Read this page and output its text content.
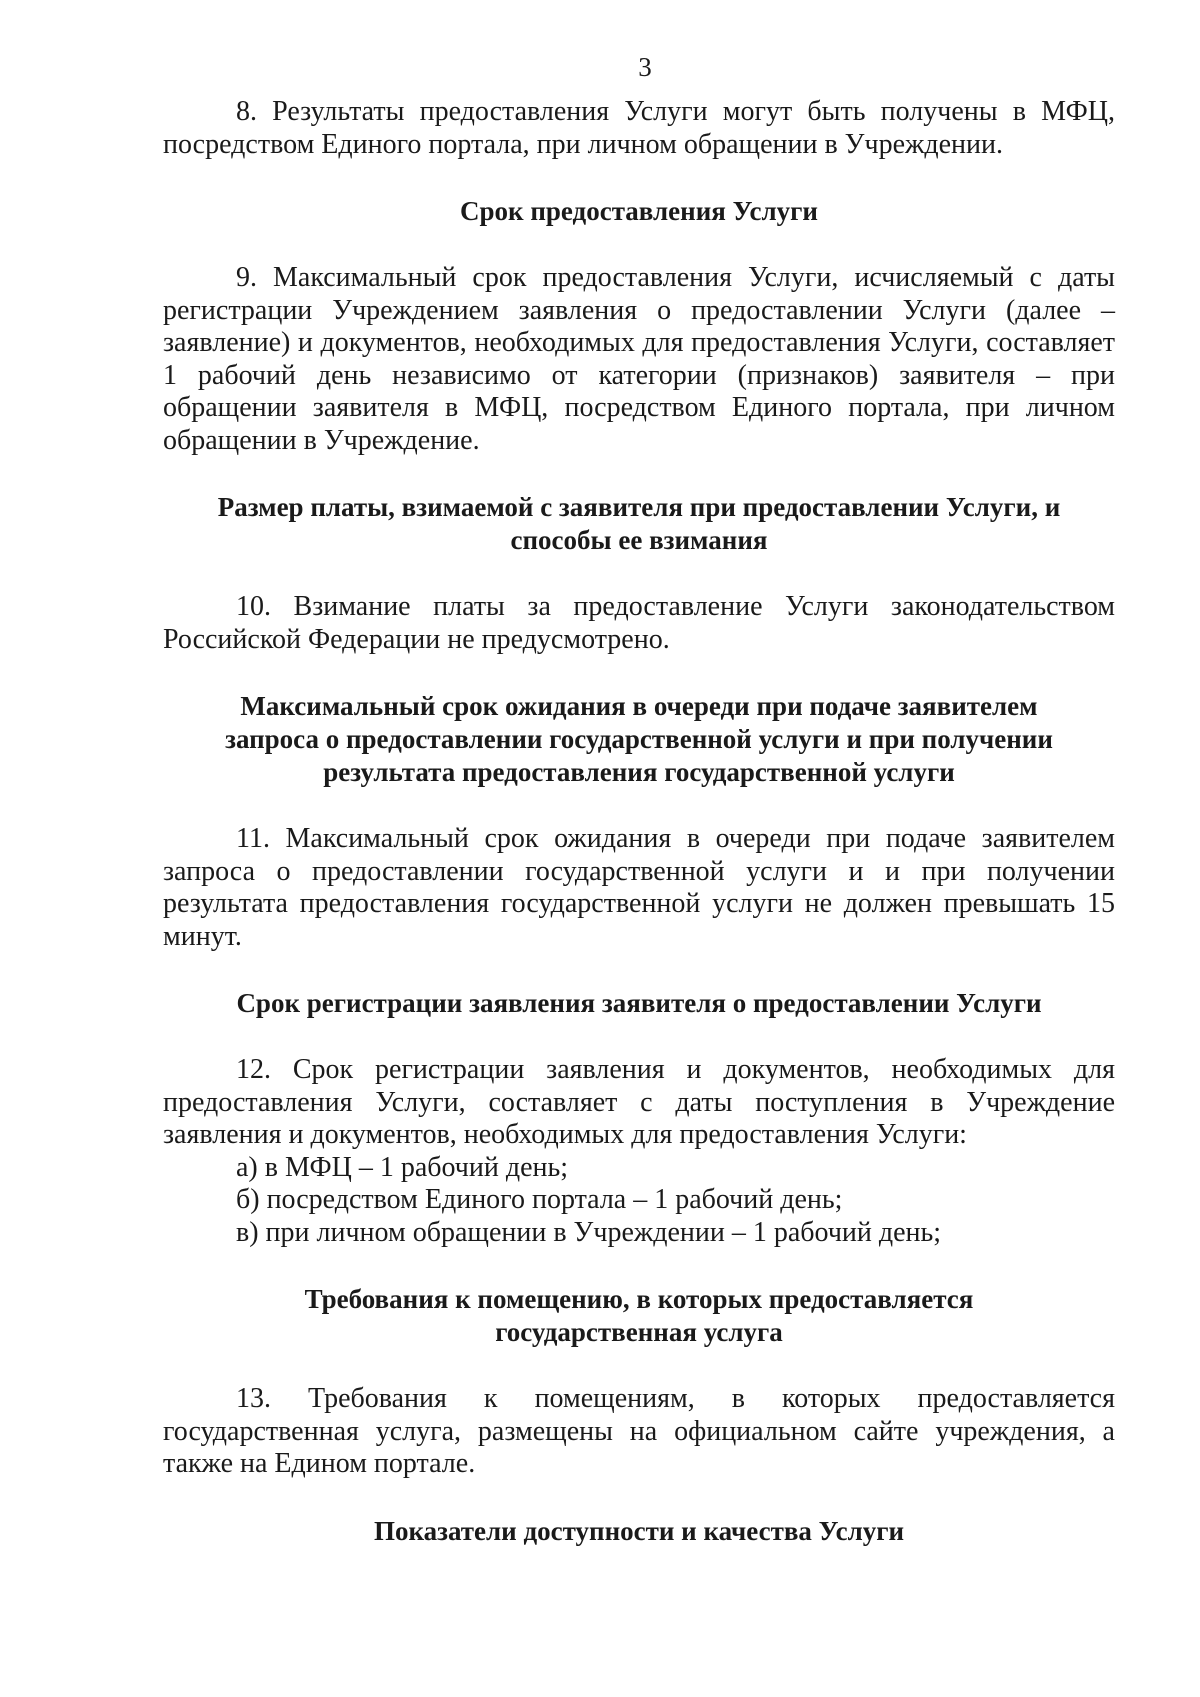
3

8. Результаты предоставления Услуги могут быть получены в МФЦ, посредством Единого портала, при личном обращении в Учреждении.

Срок предоставления Услуги

9. Максимальный срок предоставления Услуги, исчисляемый с даты регистрации Учреждением заявления о предоставлении Услуги (далее – заявление) и документов, необходимых для предоставления Услуги, составляет 1 рабочий день независимо от категории (признаков) заявителя – при обращении заявителя в МФЦ, посредством Единого портала, при личном обращении в Учреждение.

Размер платы, взимаемой с заявителя при предоставлении Услуги, и
способы ее взимания

10. Взимание платы за предоставление Услуги законодательством Российской Федерации не предусмотрено.

Максимальный срок ожидания в очереди при подаче заявителем
запроса о предоставлении государственной услуги и при получении
результата предоставления государственной услуги

11. Максимальный срок ожидания в очереди при подаче заявителем запроса о предоставлении государственной услуги и и при получении результата предоставления государственной услуги не должен превышать 15 минут.

Срок регистрации заявления заявителя о предоставлении Услуги

12. Срок регистрации заявления и документов, необходимых для предоставления Услуги, составляет с даты поступления в Учреждение заявления и документов, необходимых для предоставления Услуги:

а) в МФЦ – 1 рабочий день;
б) посредством Единого портала – 1 рабочий день;
в) при личном обращении в Учреждении – 1 рабочий день;
Требования к помещению, в которых предоставляется
государственная услуга

13. Требования к помещениям, в которых предоставляется государственная услуга, размещены на официальном сайте учреждения, а также на Едином портале.

Показатели доступности и качества Услуги
